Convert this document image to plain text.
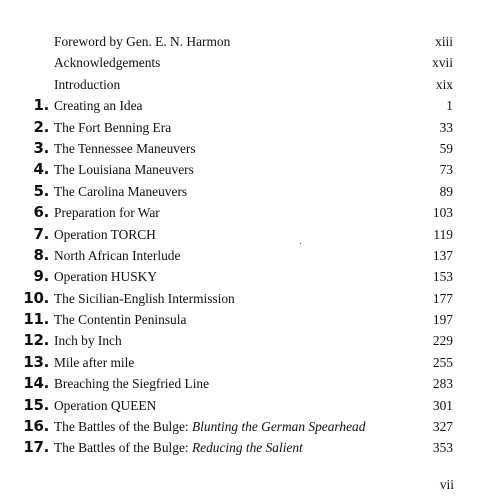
Foreword by Gen. E. N. Harmon	xiii
Acknowledgements	xvii
Introduction	xix
1. Creating an Idea	1
2. The Fort Benning Era	33
3. The Tennessee Maneuvers	59
4. The Louisiana Maneuvers	73
5. The Carolina Maneuvers	89
6. Preparation for War	103
7. Operation TORCH	119
8. North African Interlude	137
9. Operation HUSKY	153
10. The Sicilian-English Intermission	177
11. The Contentin Peninsula	197
12. Inch by Inch	229
13. Mile after mile	255
14. Breaching the Siegfried Line	283
15. Operation QUEEN	301
16. The Battles of the Bulge: Blunting the German Spearhead	327
17. The Battles of the Bulge: Reducing the Salient	353
vii
